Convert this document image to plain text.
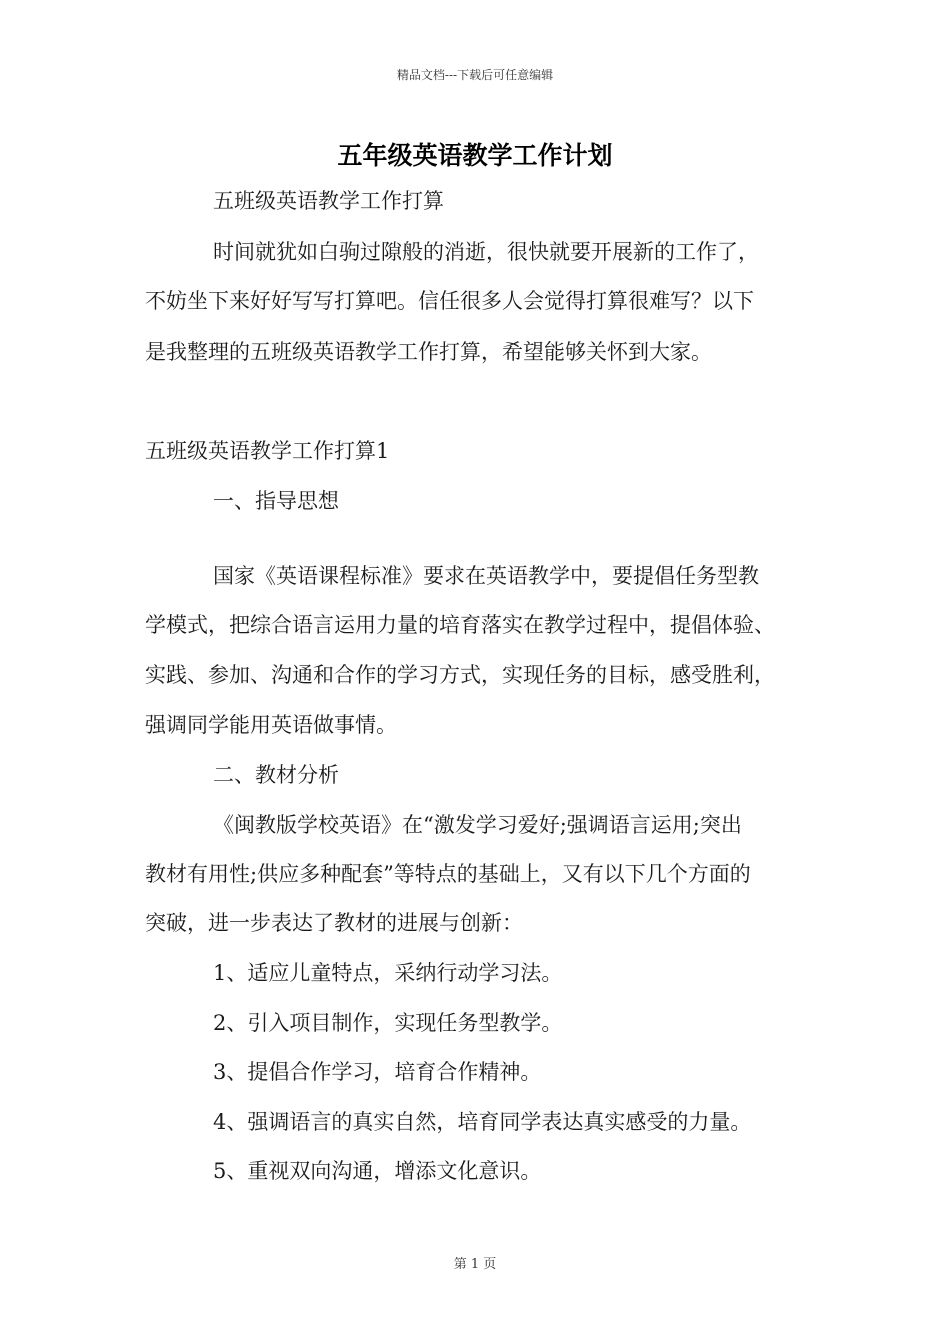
精品文档---下载后可任意编辑
五年级英语教学工作计划
五班级英语教学工作打算
时间就犹如白驹过隙般的消逝，很快就要开展新的工作了，
不妨坐下来好好写写打算吧。信任很多人会觉得打算很难写？以下
是我整理的五班级英语教学工作打算，希望能够关怀到大家。
五班级英语教学工作打算1
一、指导思想
国家《英语课程标准》要求在英语教学中，要提倡任务型教
学模式，把综合语言运用力量的培育落实在教学过程中，提倡体验、
实践、参加、沟通和合作的学习方式，实现任务的目标，感受胜利，
强调同学能用英语做事情。
二、教材分析
《闽教版学校英语》在“激发学习爱好;强调语言运用;突出
教材有用性;供应多种配套”等特点的基础上，又有以下几个方面的
突破，进一步表达了教材的进展与创新：
1、适应儿童特点，采纳行动学习法。
2、引入项目制作，实现任务型教学。
3、提倡合作学习，培育合作精神。
4、强调语言的真实自然，培育同学表达真实感受的力量。
5、重视双向沟通，增添文化意识。
第 1 页
